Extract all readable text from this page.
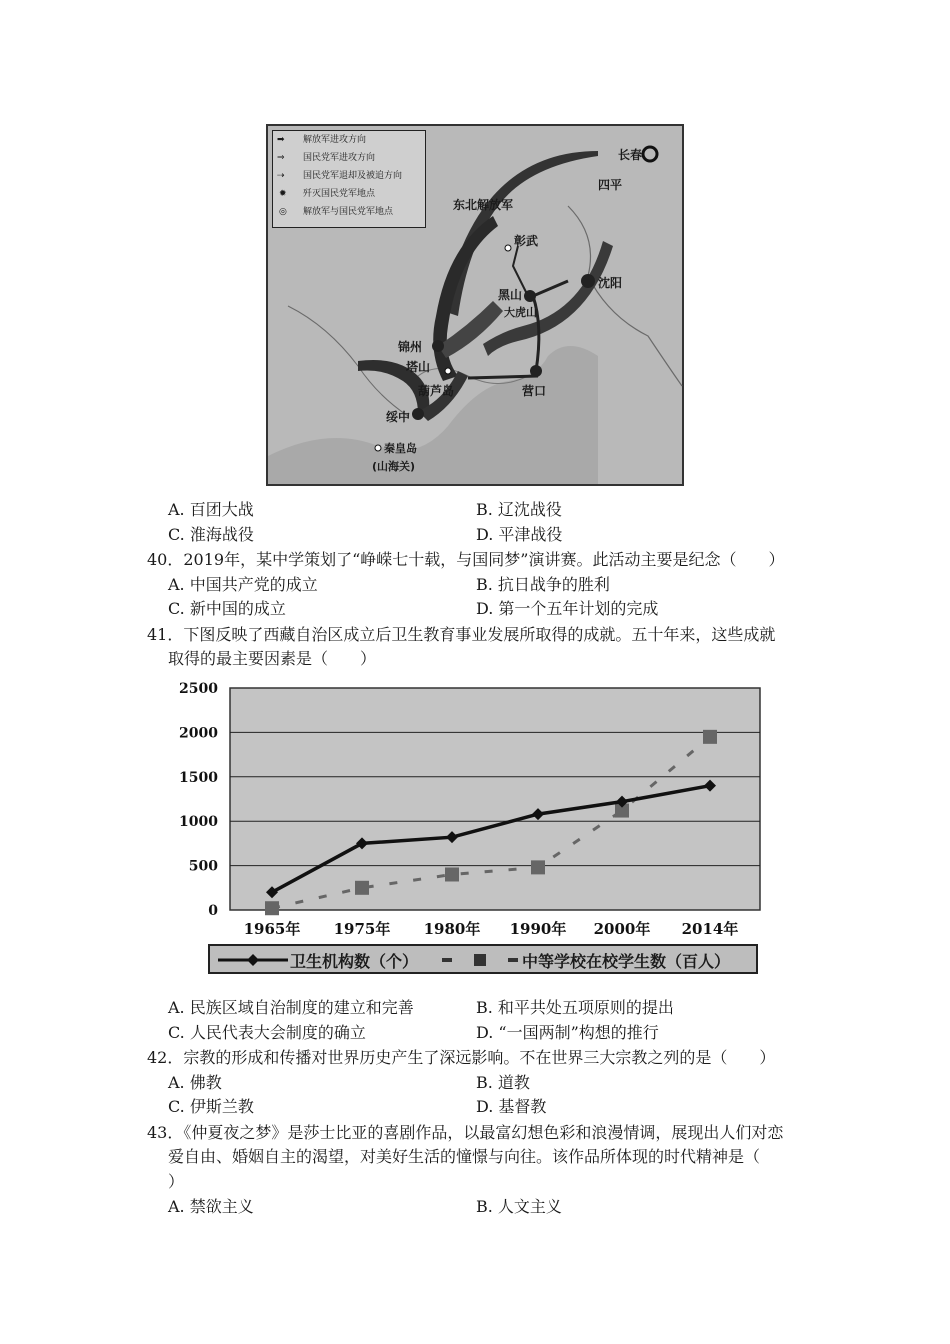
➡ 解放军进攻方向
⇒ 国民党军进攻方向
⇢ 国民党军退却及被追方向
✹ 歼灭国民党军地点
◎ 解放军与国民党军地点
长春
四平
东北解放军
彰武
沈阳
黑山
大虎山
锦州
塔山
葫芦岛	营口
绥中
秦皇岛
(山海关)
A. 百团大战	B. 辽沈战役
C. 淮海战役	D. 平津战役
40．2019年，某中学策划了“峥嵘七十载，与国同梦”演讲赛。此活动主要是纪念（　　）
A. 中国共产党的成立	B. 抗日战争的胜利
C. 新中国的成立	D. 第一个五年计划的完成
41．下图反映了西藏自治区成立后卫生教育事业发展所取得的成就。五十年来，这些成就
取得的最主要因素是（　　）
0
500
1000
1500
2000
2500
1965年 1975年 1980年 1990年 2000年 2014年
卫生机构数（个）	中等学校在校学生数（百人）
A. 民族区域自治制度的建立和完善	B. 和平共处五项原则的提出
C. 人民代表大会制度的确立	D. “一国两制”构想的推行
42．宗教的形成和传播对世界历史产生了深远影响。不在世界三大宗教之列的是（　　）
A. 佛教	B. 道教
C. 伊斯兰教	D. 基督教
43．《仲夏夜之梦》是莎士比亚的喜剧作品，以最富幻想色彩和浪漫情调，展现出人们对恋
爱自由、婚姻自主的渴望，对美好生活的憧憬与向往。该作品所体现的时代精神是（
）
A. 禁欲主义	B. 人文主义
